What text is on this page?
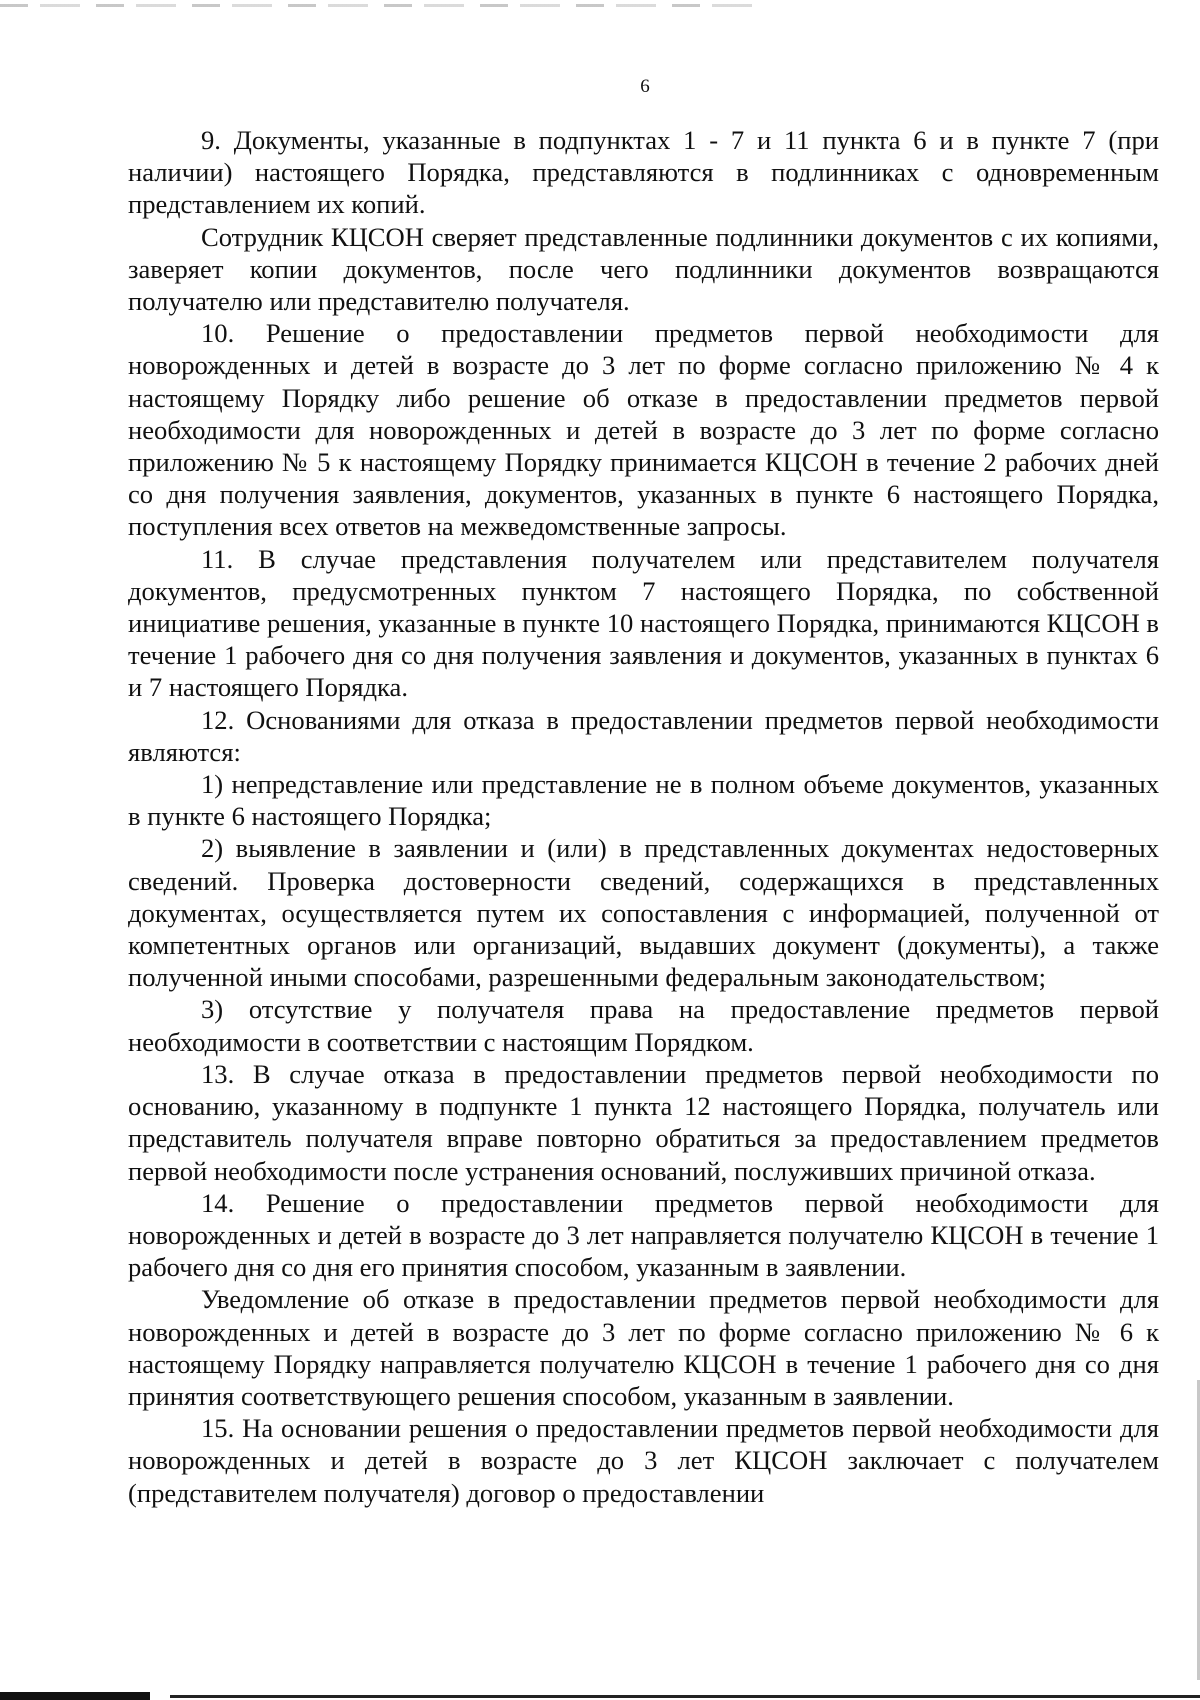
6

9. Документы, указанные в подпунктах 1 - 7 и 11 пункта 6 и в пункте 7 (при наличии) настоящего Порядка, представляются в подлинниках с одновременным представлением их копий.

Сотрудник КЦСОН сверяет представленные подлинники документов с их копиями, заверяет копии документов, после чего подлинники документов возвращаются получателю или представителю получателя.

10. Решение о предоставлении предметов первой необходимости для новорожденных и детей в возрасте до 3 лет по форме согласно приложению № 4 к настоящему Порядку либо решение об отказе в предоставлении предметов первой необходимости для новорожденных и детей в возрасте до 3 лет по форме согласно приложению № 5 к настоящему Порядку принимается КЦСОН в течение 2 рабочих дней со дня получения заявления, документов, указанных в пункте 6 настоящего Порядка, поступления всех ответов на межведомственные запросы.

11. В случае представления получателем или представителем получателя документов, предусмотренных пунктом 7 настоящего Порядка, по собственной инициативе решения, указанные в пункте 10 настоящего Порядка, принимаются КЦСОН в течение 1 рабочего дня со дня получения заявления и документов, указанных в пунктах 6 и 7 настоящего Порядка.

12. Основаниями для отказа в предоставлении предметов первой необходимости являются:

1) непредставление или представление не в полном объеме документов, указанных в пункте 6 настоящего Порядка;

2) выявление в заявлении и (или) в представленных документах недостоверных сведений. Проверка достоверности сведений, содержащихся в представленных документах, осуществляется путем их сопоставления с информацией, полученной от компетентных органов или организаций, выдавших документ (документы), а также полученной иными способами, разрешенными федеральным законодательством;

3) отсутствие у получателя права на предоставление предметов первой необходимости в соответствии с настоящим Порядком.

13. В случае отказа в предоставлении предметов первой необходимости по основанию, указанному в подпункте 1 пункта 12 настоящего Порядка, получатель или представитель получателя вправе повторно обратиться за предоставлением предметов первой необходимости после устранения оснований, послуживших причиной отказа.

14. Решение о предоставлении предметов первой необходимости для новорожденных и детей в возрасте до 3 лет направляется получателю КЦСОН в течение 1 рабочего дня со дня его принятия способом, указанным в заявлении.

Уведомление об отказе в предоставлении предметов первой необходимости для новорожденных и детей в возрасте до 3 лет по форме согласно приложению № 6 к настоящему Порядку направляется получателю КЦСОН в течение 1 рабочего дня со дня принятия соответствующего решения способом, указанным в заявлении.

15. На основании решения о предоставлении предметов первой необходимости для новорожденных и детей в возрасте до 3 лет КЦСОН заключает с получателем (представителем получателя) договор о предоставлении
